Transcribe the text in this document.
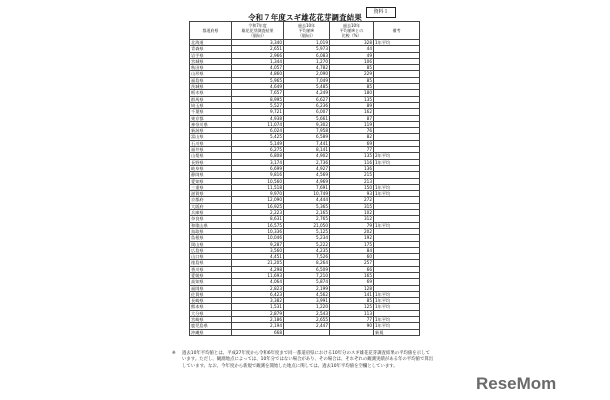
令和７年度スギ雄花花芽調査結果
資料１
都道府県	令和7年度
雄花花芽調査結果
（個/㎡）	過去10年
平均値※
（個/㎡）	過去10年
平均値※との
比較（%）	備考
北海道	3,340	1,019	328	1年平均
青森県	2,651	5,973	44	
岩手県	2,966	6,083	49	
宮城県	1,344	1,270	106	
秋田県	4,057	4,782	85	
山形県	4,860	2,090	229	
福島県	5,965	7,049	85	
茨城県	4,649	5,485	85	
栃木県	7,657	4,249	180	
群馬県	8,995	6,627	135	
埼玉県	5,527	6,236	89	
千葉県	9,721	6,007	162	
東京都	4,938	5,661	87	
神奈川県	11,074	9,302	119	
新潟県	6,024	7,958	76	
富山県	5,425	6,589	82	
石川県	5,149	7,441	69	
福井県	6,275	8,141	77	
山梨県	6,808	4,902	135	2年平均
長野県	3,174	2,736	116	1年平均
岐阜県	6,699	4,927	136	
静岡県	9,816	4,569	215	
愛知県	10,560	4,969	213	
三重県	11,518	7,691	150	1年平均
滋賀県	9,970	10,749	93	1年平均
京都府	12,090	4,444	272	
大阪府	16,925	5,365	315	
兵庫県	2,223	2,165	102	
奈良県	8,631	2,765	312	
和歌山県	16,575	21,050	79	1年平均
鳥取県	10,336	5,125	202	
島根県	10,046	5,234	192	
岡山県	9,287	5,222	175	
広島県	3,560	4,235	84	
山口県	4,451	7,526	60	
徳島県	21,205	8,264	257	
香川県	4,298	6,509	66	
愛媛県	11,693	7,210	165	
高知県	4,064	5,874	69	
福岡県	2,823	2,199	128	
佐賀県	6,423	4,562	141	1年平均
長崎県	3,382	3,991	85	1年平均
熊本県	1,531	1,220	125	1年平均
大分県	2,879	2,543	113	
宮崎県	2,186	2,655	77	1年平均
鹿児島県	2,194	2,447	90	1年平均
沖縄県	668			新規
※	過去10年平均値とは、平成27年度から令和6年度まで同一都道府県における10年分のスギ雄花花芽調査結果の平均値を示しています。ただし、観測地点によっては、10年分ではない場合があり、その場合は、それぞれの観測実績がある年の平均値で算出しています。なお、今年度から新規で観測を開始した地点に関しては、過去10年平均値を空欄としています。
ReseMom
